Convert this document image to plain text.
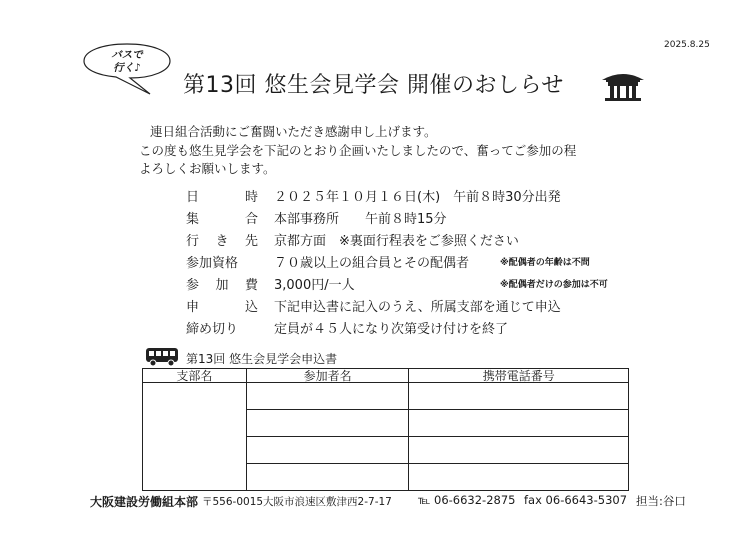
2025.8.25
バスで
行く♪
第13回 悠生会見学会 開催のおしらせ
連日組合活動にご奮闘いただき感謝申し上げます。
この度も悠生見学会を下記のとおり企画いたしましたので、奮ってご参加の程
よろしくお願いします。
日	時 ２０２５年１０月１６日(木)　午前８時30分出発
集	合 本部事務所　　午前８時15分
行 き 先 京都方面　※裏面行程表をご参照ください
参加資格	７０歳以上の組合員とその配偶者	※配偶者の年齢は不問
参 加 費 3,000円/一人	※配偶者だけの参加は不可
申	込 下記申込書に記入のうえ、所属支部を通じて申込
締め切り	定員が４５人になり次第受け付けを終了
第13回 悠生会見学会申込書
支部名	参加者名	携帯電話番号

大阪建設労働組本部 〒556-0015大阪市浪速区敷津西2-7-17 ℡ 06-6632-2875 fax 06-6643-5307 担当:谷口
